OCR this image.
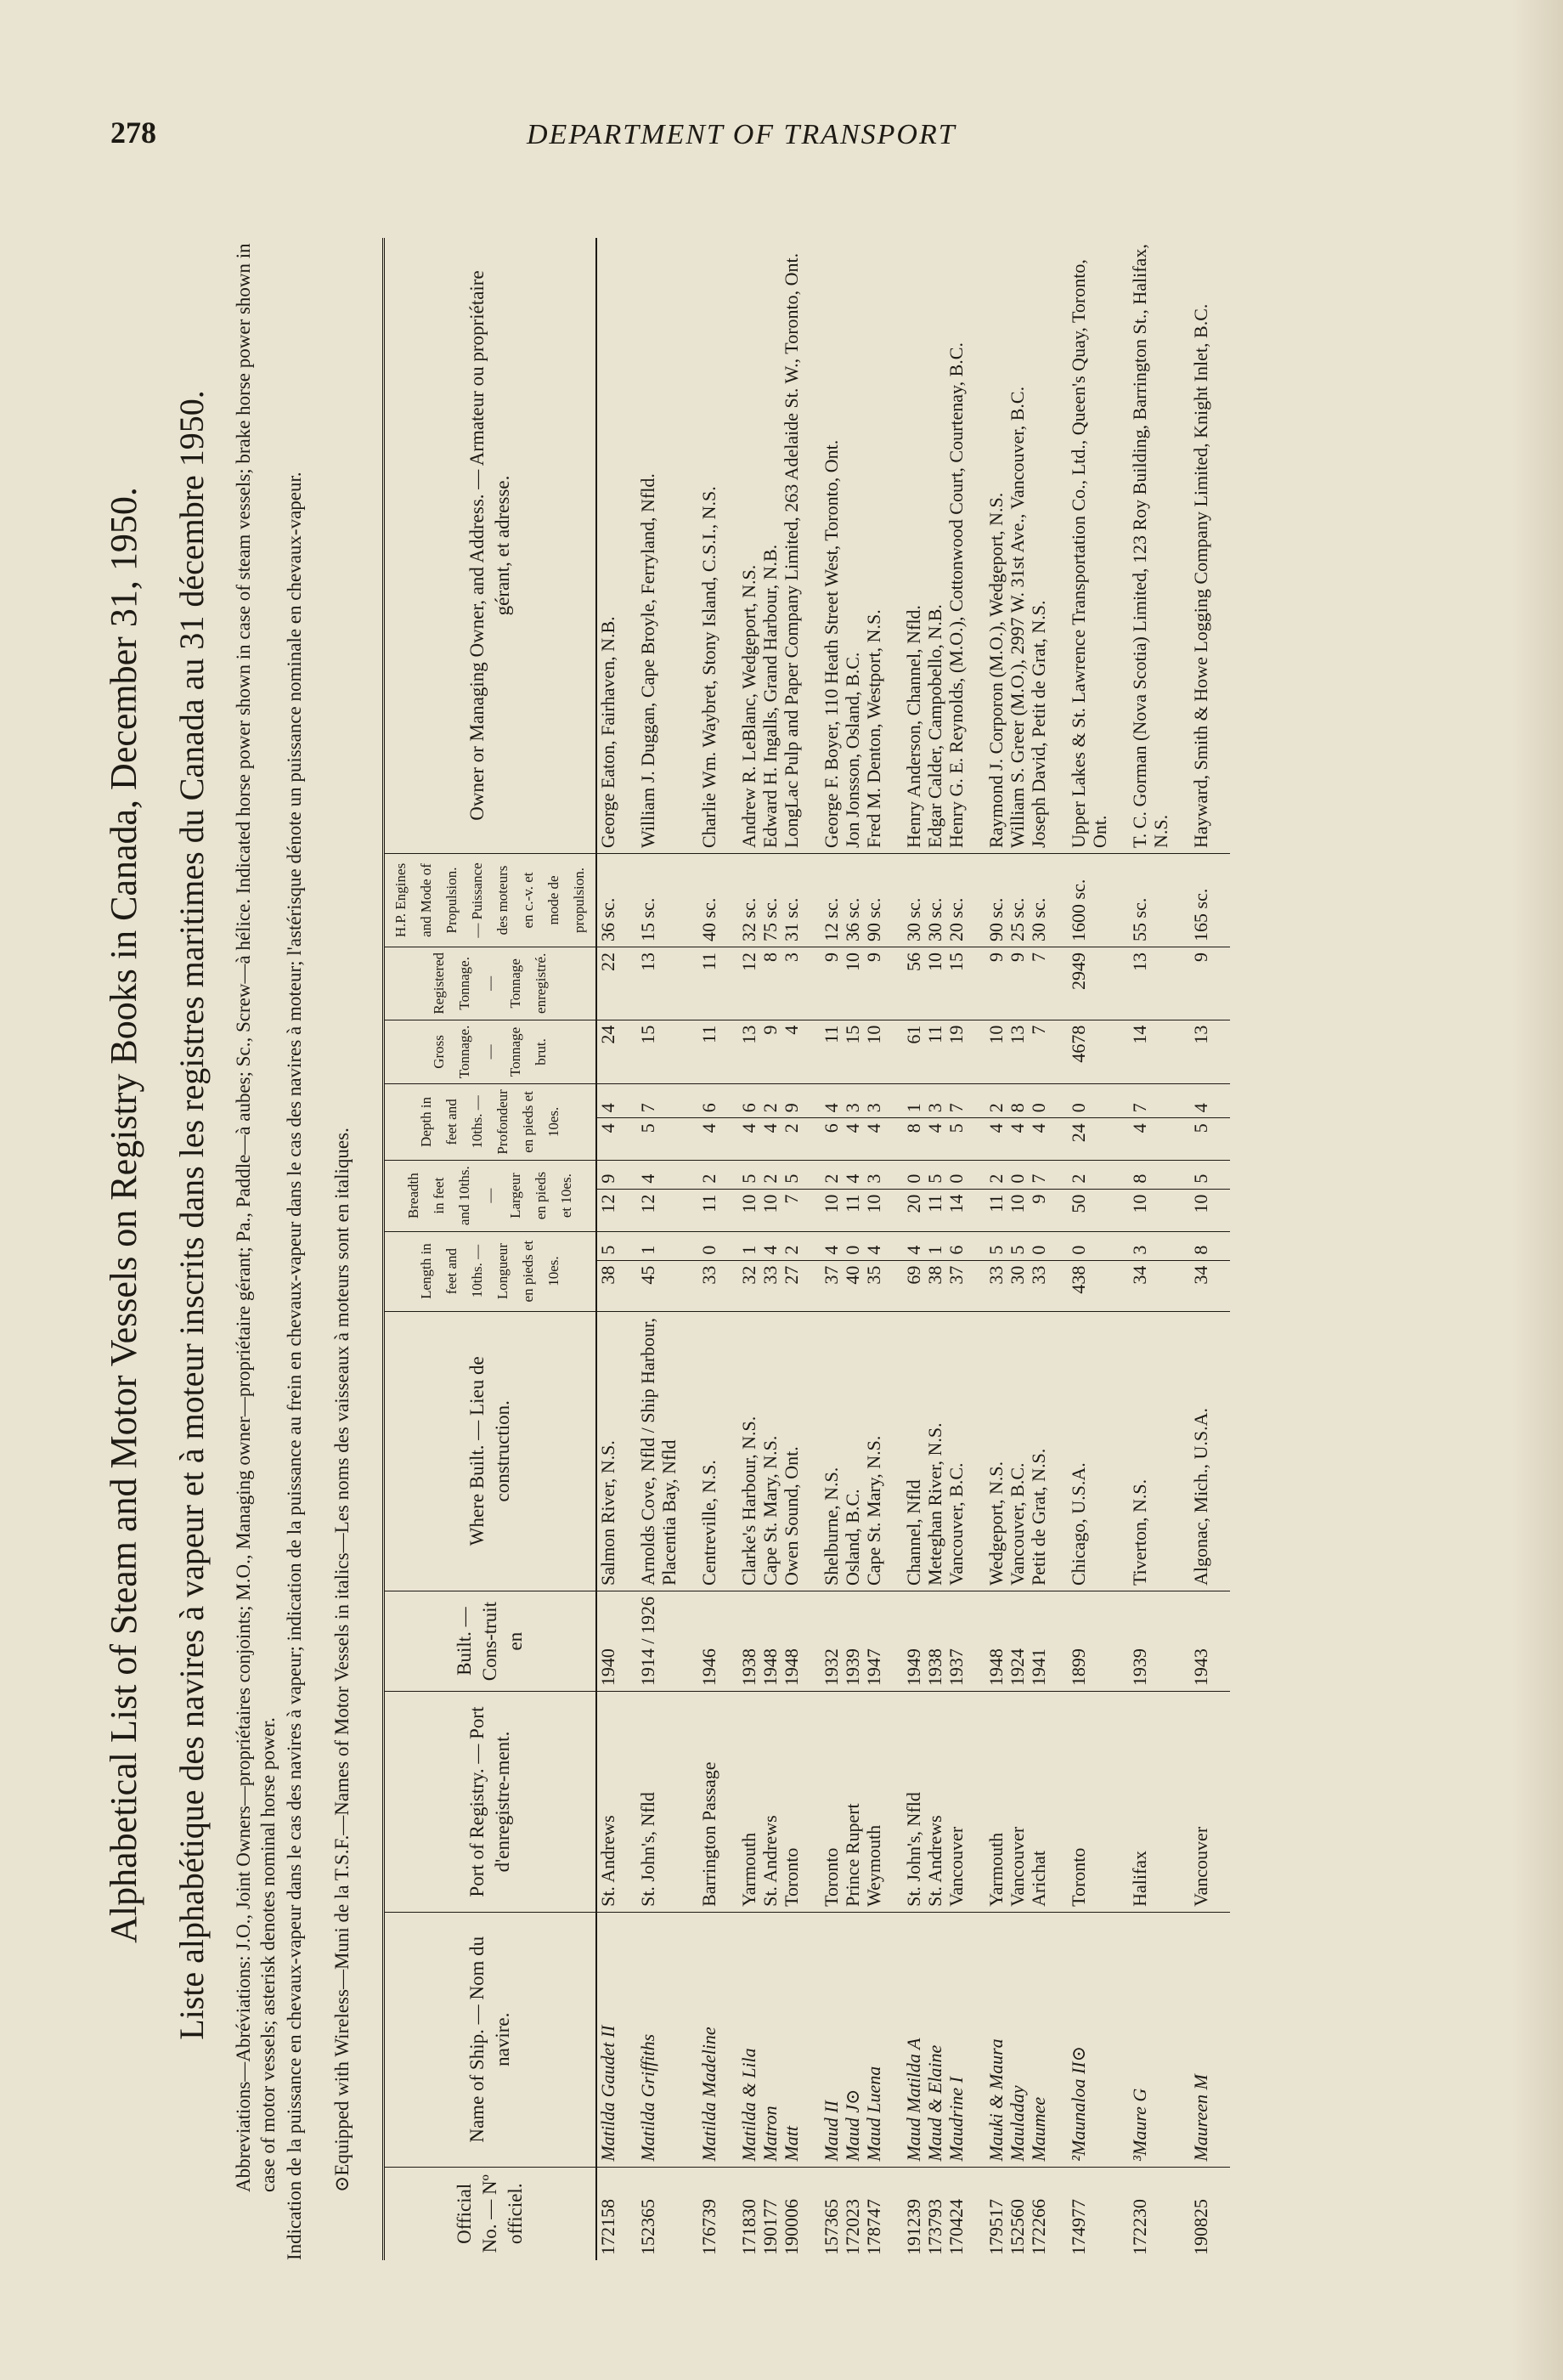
278	DEPARTMENT OF TRANSPORT
Alphabetical List of Steam and Motor Vessels on Registry Books in Canada, December 31, 1950. Liste alphabétique des navires à vapeur et à moteur inscrits dans les registres maritimes du Canada au 31 décembre 1950. Abbreviations—Abréviations: J.O., Joint Owners—propriétaires conjoints; M.O., Managing owner—propriétaire gérant; Pa., Paddle—à aubes; Sc., Screw—à hélice. Indicated horse power shown in case of steam vessels; brake horse power shown in case of motor vessels; asterisk denotes nominal horse power. Indication de la puissance en chevaux-vapeur dans le cas des navires à vapeur; indication de la puissance au frein en chevaux-vapeur dans le cas des navires à moteur; l'astérisque dénote un puissance nominale en chevaux-vapeur. ⊙Equipped with Wireless—Muni de la T.S.F.—Names of Motor Vessels in italics—Les noms des vaisseaux à moteurs sont en italiques.
Official No. — Nº officiel.	Name of Ship. — Nom du navire.	Port of Registry. — Port d'enregistre-ment.	Built. — Cons-truit en	Where Built. — Lieu de construction.	Length in feet and 10ths. — Longueur en pieds et 10es.		Breadth in feet and 10ths. — Largeur en pieds et 10es.		Depth in feet and 10ths. — Profondeur en pieds et 10es.		Gross Tonnage. — Tonnage brut.	Registered Tonnage. — Tonnage enregistré.	H.P. Engines and Mode of Propulsion. — Puissance des moteurs en c.-v. et mode de propulsion.	Owner or Managing Owner, and Address. — Armateur ou propriétaire gérant, et adresse.
172158	Matilda Gaudet II	St. Andrews	1940	Salmon River, N.S.	38	5	12	9	4	4	24	22	36 sc.	George Eaton, Fairhaven, N.B.

152365	Matilda Griffiths	St. John's, Nfld	1914 / 1926	Arnolds Cove, Nfld / Ship Harbour, Placentia Bay, Nfld	45	1	12	4	5	7	15	13	15 sc.	William J. Duggan, Cape Broyle, Ferryland, Nfld.

176739	Matilda Madeline	Barrington Passage	1946	Centreville, N.S.	33	0	11	2	4	6	11	11	40 sc.	Charlie Wm. Waybret, Stony Island, C.S.I., N.S.

171830	Matilda & Lila	Yarmouth	1938	Clarke's Harbour, N.S.	32	1	10	5	4	6	13	12	32 sc.	Andrew R. LeBlanc, Wedgeport, N.S.
190177	Matron	St. Andrews	1948	Cape St. Mary, N.S.	33	4	10	2	4	2	9	8	75 sc.	Edward H. Ingalls, Grand Harbour, N.B.
190006	Matt	Toronto	1948	Owen Sound, Ont.	27	2	7	5	2	9	4	3	31 sc.	LongLac Pulp and Paper Company Limited, 263 Adelaide St. W., Toronto, Ont.

157365	Maud II	Toronto	1932	Shelburne, N.S.	37	4	10	2	6	4	11	9	12 sc.	George F. Boyer, 110 Heath Street West, Toronto, Ont.
172023	Maud J⊙	Prince Rupert	1939	Osland, B.C.	40	0	11	4	4	3	15	10	36 sc.	Jon Jonsson, Osland, B.C.
178747	Maud Luena	Weymouth	1947	Cape St. Mary, N.S.	35	4	10	3	4	3	10	9	90 sc.	Fred M. Denton, Westport, N.S.

191239	Maud Matilda A	St. John's, Nfld	1949	Channel, Nfld	69	4	20	0	8	1	61	56	30 sc.	Henry Anderson, Channel, Nfld.
173793	Maud & Elaine	St. Andrews	1938	Meteghan River, N.S.	38	1	11	5	4	3	11	10	30 sc.	Edgar Calder, Campobello, N.B.
170424	Maudrine I	Vancouver	1937	Vancouver, B.C.	37	6	14	0	5	7	19	15	20 sc.	Henry G. E. Reynolds, (M.O.), Cottonwood Court, Courtenay, B.C.

179517	Mauki & Maura	Yarmouth	1948	Wedgeport, N.S.	33	5	11	2	4	2	10	9	90 sc.	Raymond J. Corporon (M.O.), Wedgeport, N.S.
152560	Mauladay	Vancouver	1924	Vancouver, B.C.	30	5	10	0	4	8	13	9	25 sc.	William S. Greer (M.O.), 2997 W. 31st Ave., Vancouver, B.C.
172266	Maumee	Arichat	1941	Petit de Grat, N.S.	33	0	9	7	4	0	7	7	30 sc.	Joseph David, Petit de Grat, N.S.

174977	²Maunaloa II⊙	Toronto	1899	Chicago, U.S.A.	438	0	50	2	24	0	4678	2949	1600 sc.	Upper Lakes & St. Lawrence Transportation Co., Ltd., Queen's Quay, Toronto, Ont.

172230	³Maure G	Halifax	1939	Tiverton, N.S.	34	3	10	8	4	7	14	13	55 sc.	T. C. Gorman (Nova Scotia) Limited, 123 Roy Building, Barrington St., Halifax, N.S.

190825	Maureen M	Vancouver	1943	Algonac, Mich., U.S.A.	34	8	10	5	5	4	13	9	165 sc.	Hayward, Smith & Howe Logging Company Limited, Knight Inlet, B.C.
